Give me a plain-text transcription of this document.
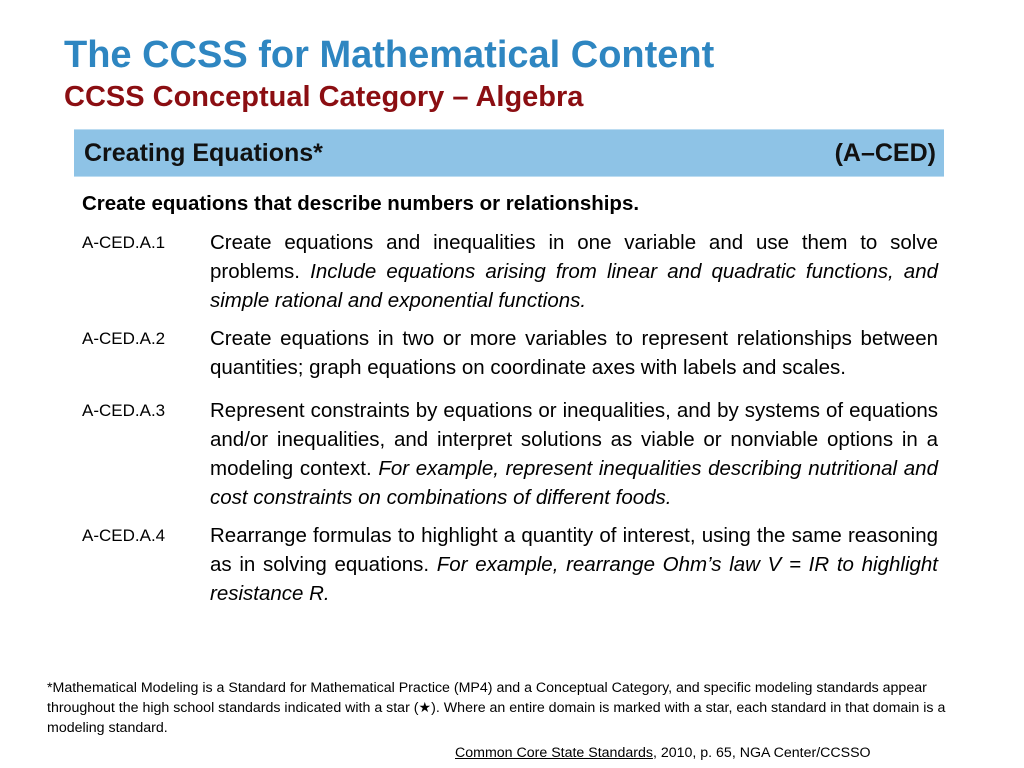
The CCSS for Mathematical Content
CCSS Conceptual Category – Algebra
Creating Equations*	(A–CED)
Create equations that describe numbers or relationships.
A-CED.A.1	Create equations and inequalities in one variable and use them to solve problems. Include equations arising from linear and quadratic functions, and simple rational and exponential functions.
A-CED.A.2	Create equations in two or more variables to represent relationships between quantities; graph equations on coordinate axes with labels and scales.
A-CED.A.3	Represent constraints by equations or inequalities, and by systems of equations and/or inequalities, and interpret solutions as viable or nonviable options in a modeling context. For example, represent inequalities describing nutritional and cost constraints on combinations of different foods.
A-CED.A.4	Rearrange formulas to highlight a quantity of interest, using the same reasoning as in solving equations. For example, rearrange Ohm’s law V = IR to highlight resistance R.
*Mathematical Modeling is a Standard for Mathematical Practice (MP4) and a Conceptual Category, and specific modeling standards appear throughout the high school standards indicated with a star (★). Where an entire domain is marked with a star, each standard in that domain is a modeling standard.
Common Core State Standards, 2010, p. 65, NGA Center/CCSSO
